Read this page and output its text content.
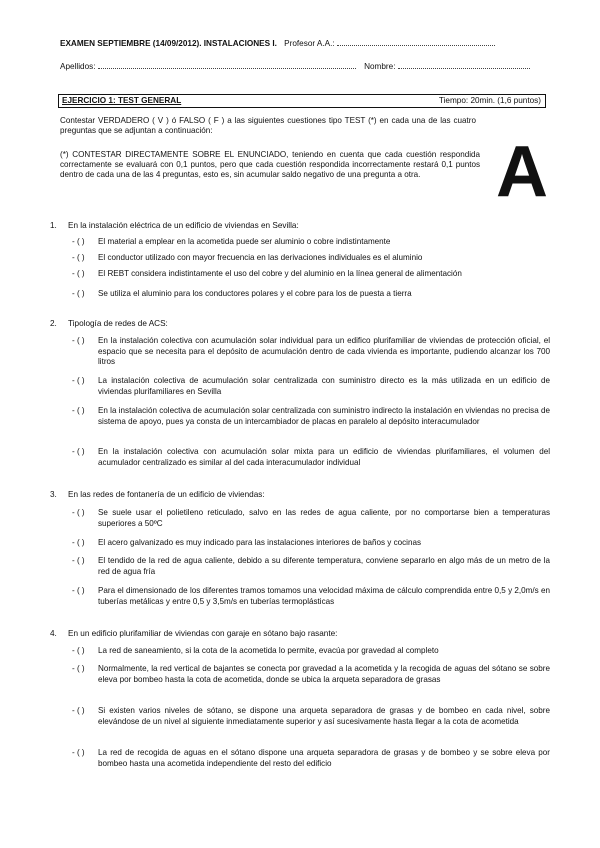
EXAMEN SEPTIEMBRE (14/09/2012). INSTALACIONES I. Profesor A.A.:
Apellidos:	Nombre:
EJERCICIO 1: TEST GENERAL	Tiempo: 20min. (1,6 puntos)
Contestar VERDADERO ( V ) ó FALSO ( F ) a las siguientes cuestiones tipo TEST (*) en cada una de las cuatro preguntas que se adjuntan a continuación:
(*) CONTESTAR DIRECTAMENTE SOBRE EL ENUNCIADO, teniendo en cuenta que cada cuestión respondida correctamente se evaluará con 0,1 puntos, pero que cada cuestión respondida incorrectamente restará 0,1 puntos dentro de cada una de las 4 preguntas, esto es, sin acumular saldo negativo de una pregunta a otra.	A
1.	En la instalación eléctrica de un edificio de viviendas en Sevilla:
- ( ) El material a emplear en la acometida puede ser aluminio o cobre indistintamente
- ( ) El conductor utilizado con mayor frecuencia en las derivaciones individuales es el aluminio
- ( ) El REBT considera indistintamente el uso del cobre y del aluminio en la línea general de alimentación
- ( ) Se utiliza el aluminio para los conductores polares y el cobre para los de puesta a tierra
2.	Tipología de redes de ACS:
- ( ) En la instalación colectiva con acumulación solar individual para un edifico plurifamiliar de viviendas de protección oficial, el espacio que se necesita para el depósito de acumulación dentro de cada vivienda es importante, pudiendo alcanzar los 700 litros
- ( ) La instalación colectiva de acumulación solar centralizada con suministro directo es la más utilizada en un edificio de viviendas plurifamiliares en Sevilla
- ( ) En la instalación colectiva de acumulación solar centralizada con suministro indirecto la instalación en viviendas no precisa de sistema de apoyo, pues ya consta de un intercambiador de placas en paralelo al depósito interacumulador
- ( ) En la instalación colectiva con acumulación solar mixta para un edificio de viviendas plurifamiliares, el volumen del acumulador centralizado es similar al del cada interacumulador individual
3.	En las redes de fontanería de un edificio de viviendas:
- ( ) Se suele usar el polietileno reticulado, salvo en las redes de agua caliente, por no comportarse bien a temperaturas superiores a 50ºC
- ( ) El acero galvanizado es muy indicado para las instalaciones interiores de baños y cocinas
- ( ) El tendido de la red de agua caliente, debido a su diferente temperatura, conviene separarlo en algo más de un metro de la red de agua fría
- ( ) Para el dimensionado de los diferentes tramos tomamos una velocidad máxima de cálculo comprendida entre 0,5 y 2,0m/s en tuberías metálicas y entre 0,5 y 3,5m/s en tuberías termoplásticas
4.	En un edificio plurifamiliar de viviendas con garaje en sótano bajo rasante:
- ( ) La red de saneamiento, si la cota de la acometida lo permite, evacúa por gravedad al completo
- ( ) Normalmente, la red vertical de bajantes se conecta por gravedad a la acometida y la recogida de aguas del sótano se sobre eleva por bombeo hasta la cota de acometida, donde se ubica la arqueta separadora de grasas
- ( ) Si existen varios niveles de sótano, se dispone una arqueta separadora de grasas y de bombeo en cada nivel, sobre elevándose de un nivel al siguiente inmediatamente superior y así sucesivamente hasta llegar a la cota de acometida
- ( ) La red de recogida de aguas en el sótano dispone una arqueta separadora de grasas y de bombeo y se sobre eleva por bombeo hasta una acometida independiente del resto del edificio
